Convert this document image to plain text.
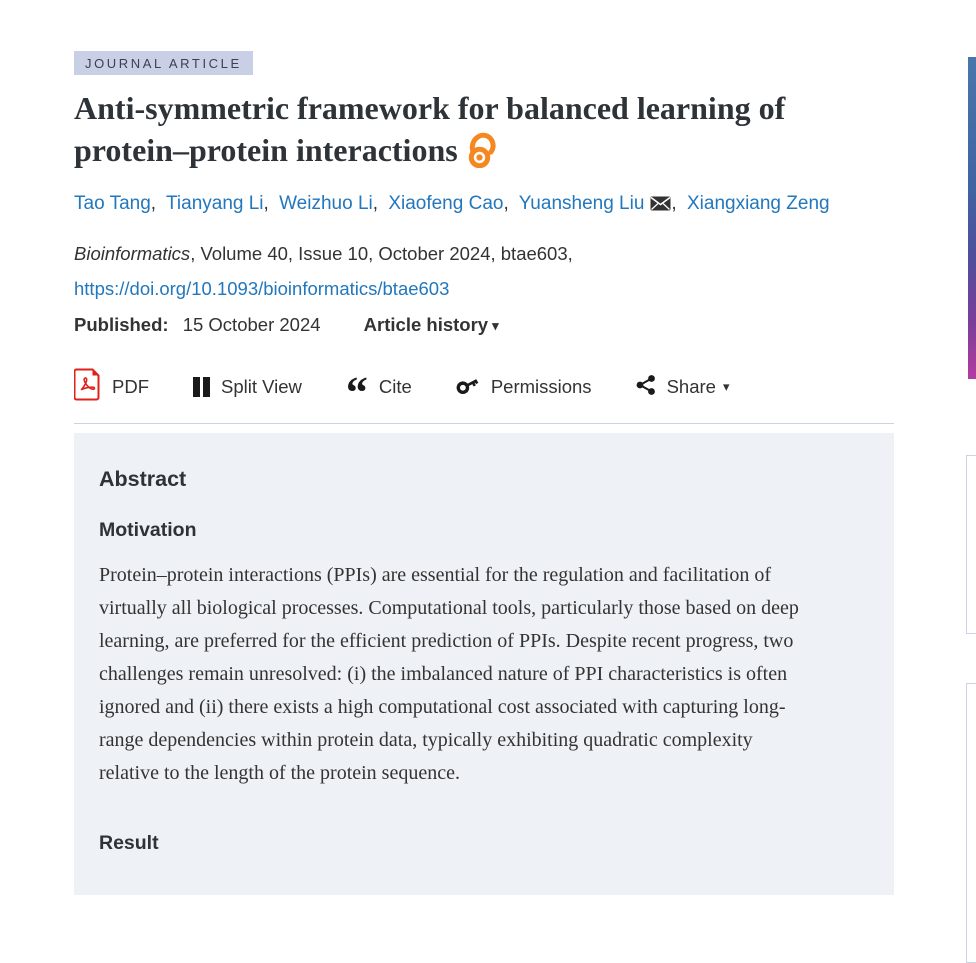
JOURNAL ARTICLE
Anti-symmetric framework for balanced learning of protein–protein interactions
Tao Tang, Tianyang Li, Weizhuo Li, Xiaofeng Cao, Yuansheng Liu , Xiangxiang Zeng
Bioinformatics, Volume 40, Issue 10, October 2024, btae603,
https://doi.org/10.1093/bioinformatics/btae603
Published: 15 October 2024 Article history ▾
PDF	Split View “ Cite	Permissions	Share ▾
Abstract
Motivation

Protein–protein interactions (PPIs) are essential for the regulation and facilitation of virtually all biological processes. Computational tools, particularly those based on deep learning, are preferred for the efficient prediction of PPIs. Despite recent progress, two challenges remain unresolved: (i) the imbalanced nature of PPI characteristics is often ignored and (ii) there exists a high computational cost associated with capturing long-range dependencies within protein data, typically exhibiting quadratic complexity relative to the length of the protein sequence.

Result
